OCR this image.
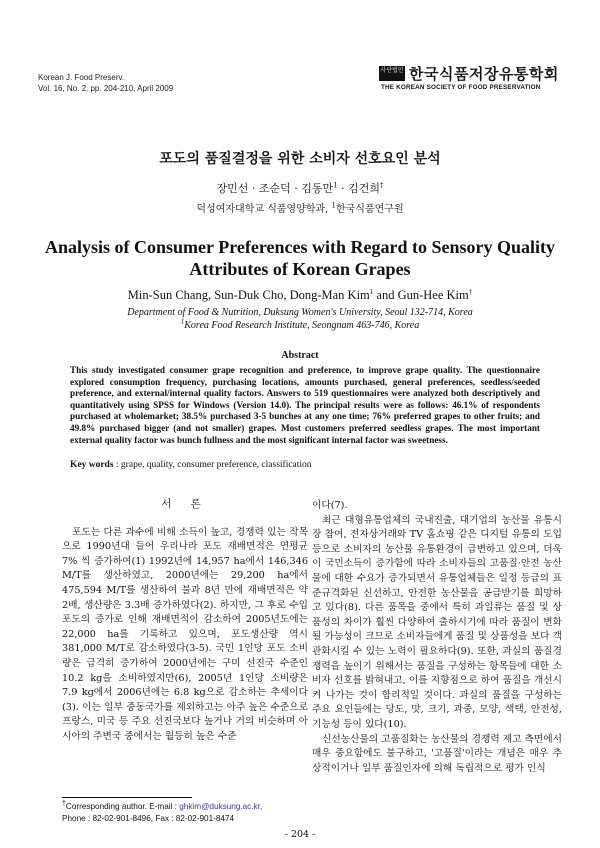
Korean J. Food Preserv.
Vol. 16, No. 2. pp. 204-210, April 2009
사단법인 한국식품저장유통학회
THE KOREAN SOCIETY OF FOOD PRESERVATION
포도의 품질결정을 위한 소비자 선호요인 분석
장민선 · 조순덕 · 김동만$^1$ · 김건희†
덕성여자대학교 식품영양학과, $^1$한국식품연구원
Analysis of Consumer Preferences with Regard to Sensory Quality
Attributes of Korean Grapes
Min-Sun Chang, Sun-Duk Cho, Dong-Man Kim$^1$ and Gun-Hee Kim†
Department of Food & Nutrition, Duksung Women's University, Seoul 132-714, Korea
$^1$Korea Food Research Institute, Seongnam 463-746, Korea
Abstract
This study investigated consumer grape recognition and preference, to improve grape quality. The questionnaire explored consumption frequency, purchasing locations, amounts purchased, general preferences, seedless/seeded preference, and external/internal quality factors. Answers to 519 questionnaires were analyzed both descriptively and quantitatively using SPSS for Windows (Version 14.0). The principal results were as follows: 46.1% of respondents purchased at wholemarket; 38.5% purchased 3-5 bunches at any one time; 76% preferred grapes to other fruits; and 49.8% purchased bigger (and not smaller) grapes. Most customers preferred seedless grapes. The most important external quality factor was bunch fullness and the most significant internal factor was sweetness.
Key words : grape, quality, consumer preference, classification
서 론

포도는 다른 과수에 비해 소득이 높고, 경쟁력 있는 작목으로 1990년대 들어 우리나라 포도 재배면적은 연평균 7% 씩 증가하여(1) 1992년에 14,957 ha에서 146,346 M/T를 생산하였고, 2000년에는 29,200 ha에서 475,594 M/T를 생산하여 불과 8년 만에 재배면적은 약 2배, 생산량은 3.3배 증가하였다(2). 하지만, 그 후로 수입포도의 증가로 인해 재배면적이 감소하여 2005년도에는 22,000 ha를 기록하고 있으며, 포도생산량 역시 381,000 M/T로 감소하였다(3-5). 국민 1인당 포도 소비량은 급격히 증가하여 2000년에는 구미 선진국 수준인 10.2 kg을 소비하였지만(6), 2005년 1인당 소비량은 7.9 kg에서 2006년에는 6.8 kg으로 감소하는 추세이다(3). 이는 일부 중동국가를 제외하고는 아주 높은 수준으로 프랑스, 미국 등 주요 선진국보다 높거나 거의 비슷하며 아시아의 주변국 중에서는 월등히 높은 수준

이다(7).

최근 대형유통업체의 국내진출, 대기업의 농산물 유통시장 참여, 전자상거래와 TV 홈쇼핑 같은 디지털 유통의 도입 등으로 소비자의 농산물 유통환경이 급변하고 있으며, 더욱이 국민소득이 증가함에 따라 소비자들의 고품질·안전 농산물에 대한 수요가 증가되면서 유통업체들은 일정 등급의 표준규격화된 신선하고, 안전한 농산물을 공급받기를 희망하고 있다(8). 다른 품목을 중에서 특히 과일류는 품질 및 상품성의 차이가 훨씬 다양하여 출하시기에 따라 품질이 변화될 가능성이 크므로 소비자들에게 품질 및 상품성을 보다 객관화시킬 수 있는 노력이 필요하다(9). 또한, 과실의 품질경쟁력을 높이기 위해서는 품질을 구성하는 항목들에 대한 소비자 선호를 밝혀내고, 이를 지향점으로 하여 품질을 개선시켜 나가는 것이 합리적일 것이다. 과실의 품질을 구성하는 주요 요인들에는 당도, 맛, 크기, 과중, 모양, 색택, 안전성, 기능성 등이 있다(10).

신선농산물의 고품질화는 농산물의 경쟁력 제고 측면에서 매우 중요함에도 불구하고, '고품질'이라는 개념은 매우 추상적이거나 일부 품질인자에 의해 독립적으로 평가 인식

†Corresponding author. E-mail : ghkim@duksung.ac.kr,
Phone : 82-02-901-8496, Fax : 82-02-901-8474
- 204 -
